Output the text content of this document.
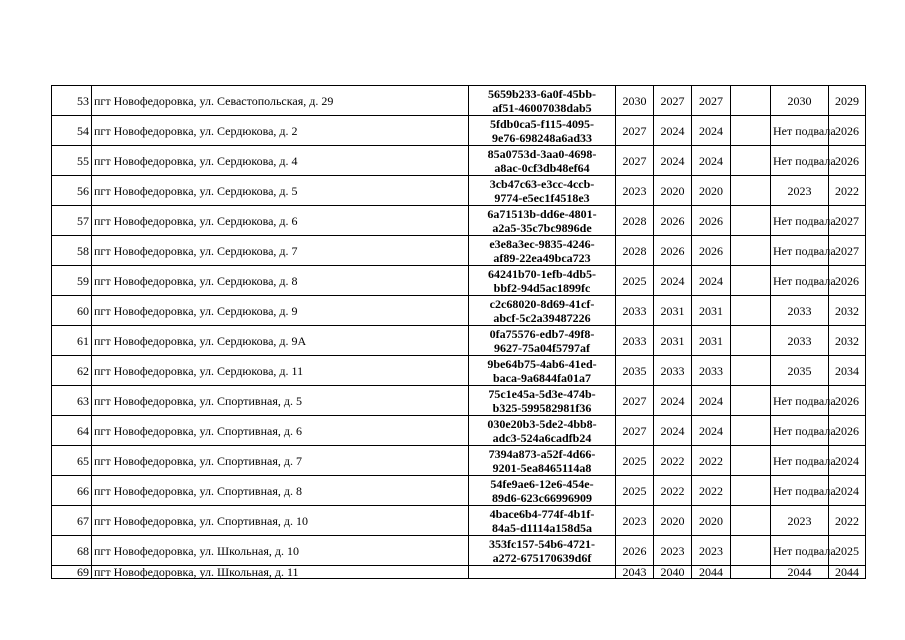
53	пгт Новофедоровка, ул. Севастопольская, д. 29	5659b233-6a0f-45bb-
af51-46007038dab5	2030	2027	2027		2030	2029
54	пгт Новофедоровка, ул. Сердюкова, д. 2	5fdb0ca5-f115-4095-
9e76-698248a6ad33	2027	2024	2024		Нет подвала	2026
55	пгт Новофедоровка, ул. Сердюкова, д. 4	85a0753d-3aa0-4698-
a8ac-0cf3db48ef64	2027	2024	2024		Нет подвала	2026
56	пгт Новофедоровка, ул. Сердюкова, д. 5	3cb47c63-e3cc-4ccb-
9774-e5ec1f4518e3	2023	2020	2020		2023	2022
57	пгт Новофедоровка, ул. Сердюкова, д. 6	6a71513b-dd6e-4801-
a2a5-35c7bc9896de	2028	2026	2026		Нет подвала	2027
58	пгт Новофедоровка, ул. Сердюкова, д. 7	e3e8a3ec-9835-4246-
af89-22ea49bca723	2028	2026	2026		Нет подвала	2027
59	пгт Новофедоровка, ул. Сердюкова, д. 8	64241b70-1efb-4db5-
bbf2-94d5ac1899fc	2025	2024	2024		Нет подвала	2026
60	пгт Новофедоровка, ул. Сердюкова, д. 9	c2c68020-8d69-41cf-
abcf-5c2a39487226	2033	2031	2031		2033	2032
61	пгт Новофедоровка, ул. Сердюкова, д. 9А	0fa75576-edb7-49f8-
9627-75a04f5797af	2033	2031	2031		2033	2032
62	пгт Новофедоровка, ул. Сердюкова, д. 11	9be64b75-4ab6-41ed-
baca-9a6844fa01a7	2035	2033	2033		2035	2034
63	пгт Новофедоровка, ул. Спортивная, д. 5	75c1e45a-5d3e-474b-
b325-599582981f36	2027	2024	2024		Нет подвала	2026
64	пгт Новофедоровка, ул. Спортивная, д. 6	030e20b3-5de2-4bb8-
adc3-524a6cadfb24	2027	2024	2024		Нет подвала	2026
65	пгт Новофедоровка, ул. Спортивная, д. 7	7394a873-a52f-4d66-
9201-5ea8465114a8	2025	2022	2022		Нет подвала	2024
66	пгт Новофедоровка, ул. Спортивная, д. 8	54fe9ae6-12e6-454e-
89d6-623c66996909	2025	2022	2022		Нет подвала	2024
67	пгт Новофедоровка, ул. Спортивная, д. 10	4bace6b4-774f-4b1f-
84a5-d1114a158d5a	2023	2020	2020		2023	2022
68	пгт Новофедоровка, ул. Школьная, д. 10	353fc157-54b6-4721-
a272-675170639d6f	2026	2023	2023		Нет подвала	2025
69	пгт Новофедоровка, ул. Школьная, д. 11		2043	2040	2044		2044	2044
